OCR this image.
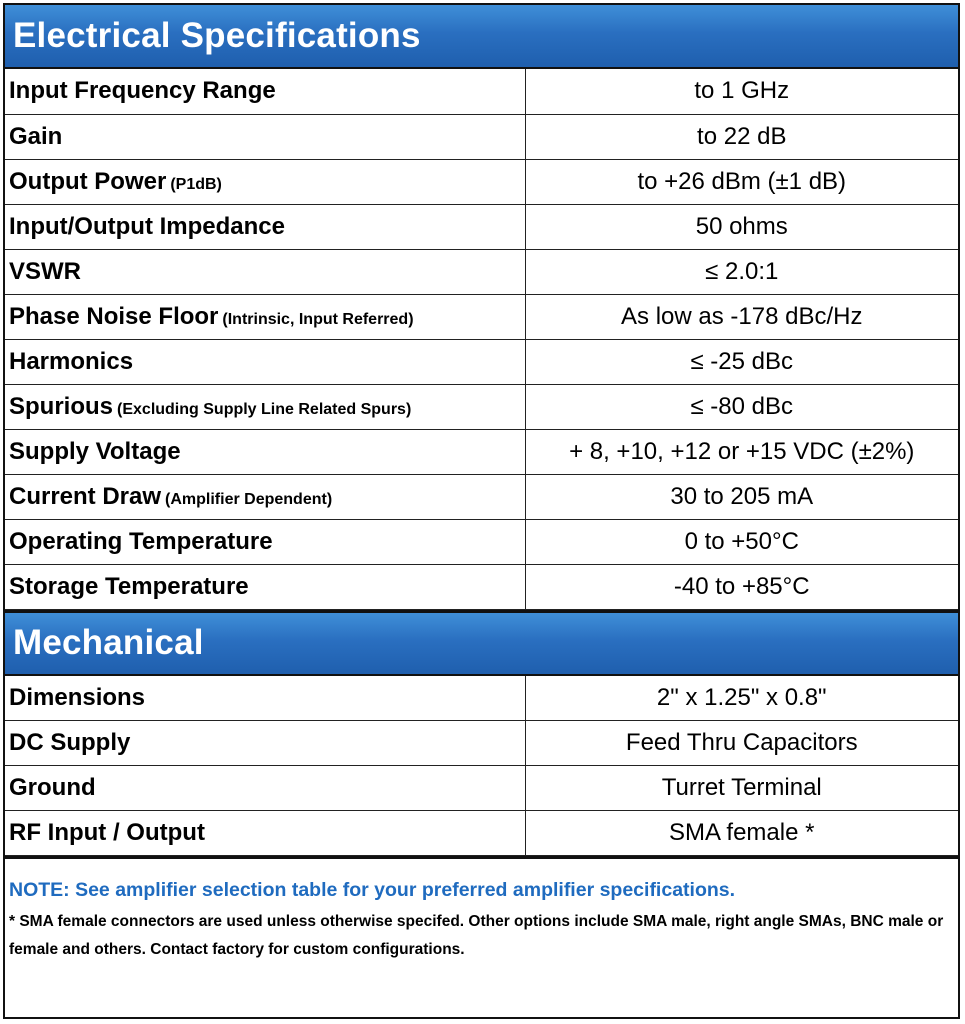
Electrical Specifications
Input Frequency Range	to 1 GHz
Gain	to 22 dB
Output Power (P1dB)	to +26 dBm (±1 dB)
Input/Output Impedance	50 ohms
VSWR	≤ 2.0:1
Phase Noise Floor (Intrinsic, Input Referred)	As low as -178 dBc/Hz
Harmonics	≤ -25 dBc
Spurious (Excluding Supply Line Related Spurs)	≤ -80 dBc
Supply Voltage	+ 8, +10, +12 or +15 VDC (±2%)
Current Draw (Amplifier Dependent)	30 to 205 mA
Operating Temperature	0 to +50°C
Storage Temperature	-40 to +85°C
Mechanical
Dimensions	2" x 1.25" x 0.8"
DC Supply	Feed Thru Capacitors
Ground	Turret Terminal
RF Input / Output	SMA female *
NOTE: See amplifier selection table for your preferred amplifier specifications.
* SMA female connectors are used unless otherwise specifed. Other options include SMA male, right angle SMAs, BNC male or female and others. Contact factory for custom configurations.
